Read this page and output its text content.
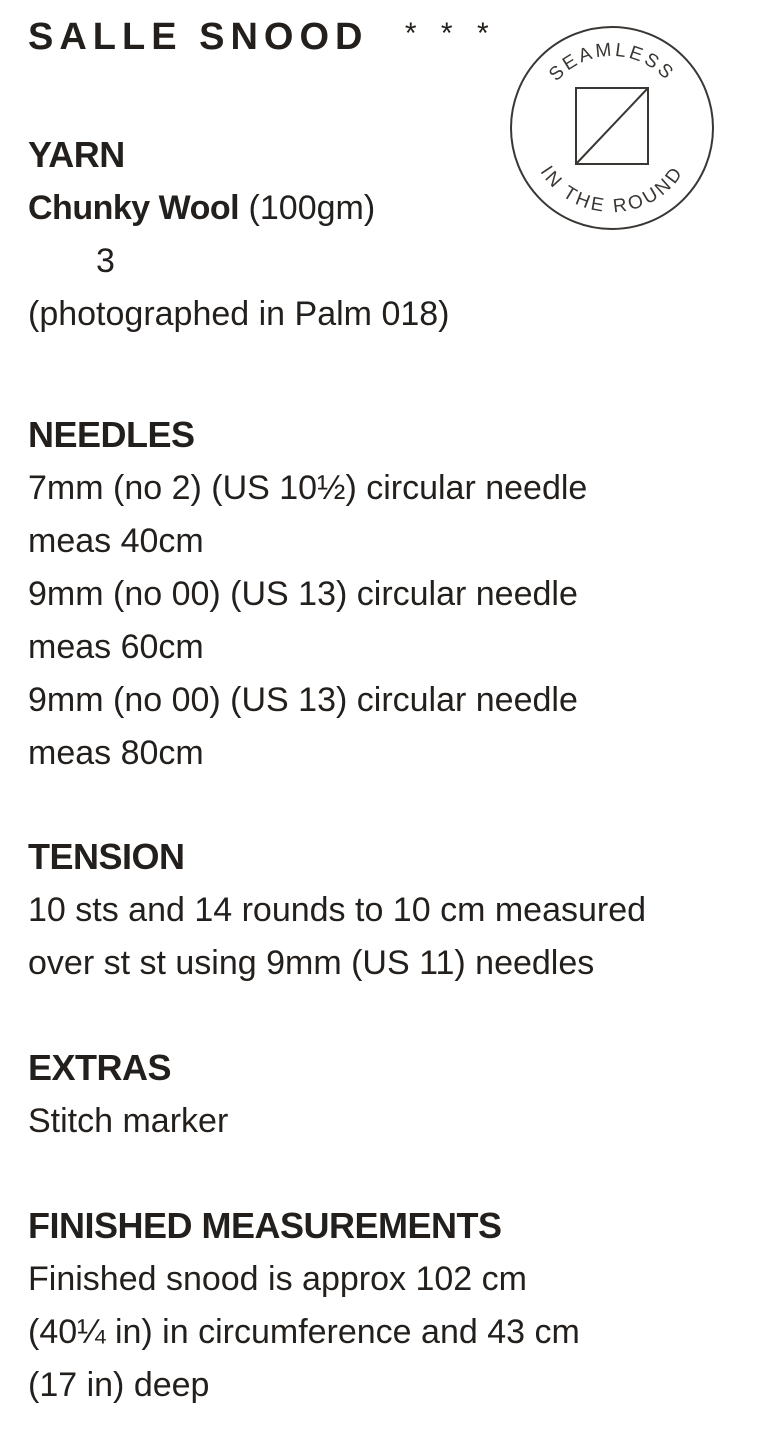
SALLE SNOOD * * *
SEAMLESS
IN THE ROUND
YARN
Chunky Wool (100gm)
3
(photographed in Palm 018)
NEEDLES
7mm (no 2) (US 10½) circular needle
meas 40cm
9mm (no 00) (US 13) circular needle
meas 60cm
9mm (no 00) (US 13) circular needle
meas 80cm
TENSION
10 sts and 14 rounds to 10 cm measured
over st st using 9mm (US 11) needles
EXTRAS
Stitch marker
FINISHED MEASUREMENTS
Finished snood is approx 102 cm
(40¼ in) in circumference and 43 cm
(17 in) deep
